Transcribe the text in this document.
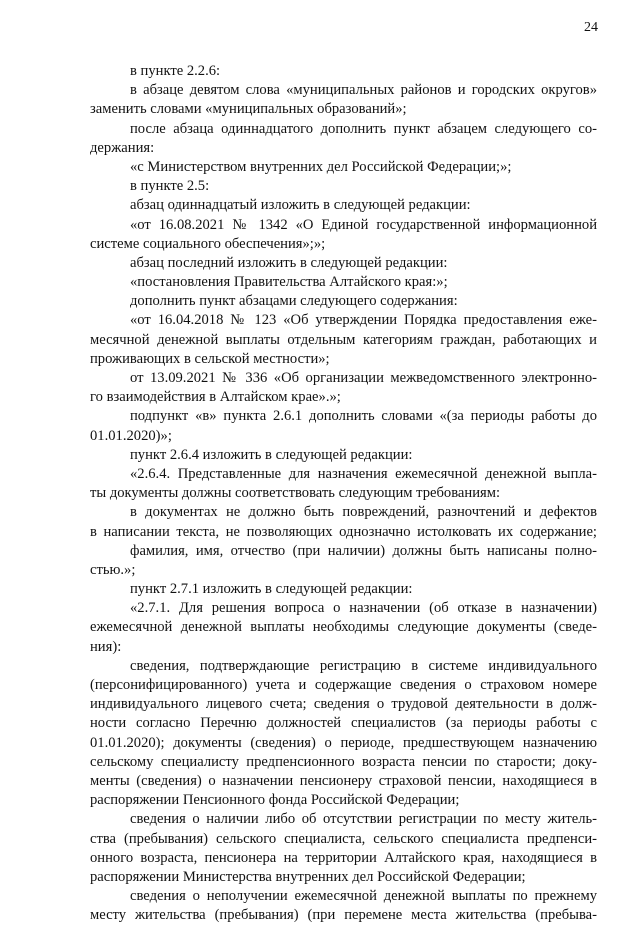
24
в пункте 2.2.6:
в абзаце девятом слова «муниципальных районов и городских округов»
заменить словами «муниципальных образований»;
после абзаца одиннадцатого дополнить пункт абзацем следующего со-
держания:
«с Министерством внутренних дел Российской Федерации;»;
в пункте 2.5:
абзац одиннадцатый изложить в следующей редакции:
«от 16.08.2021 № 1342 «О Единой государственной информационной
системе социального обеспечения»;»;
абзац последний изложить в следующей редакции:
«постановления Правительства Алтайского края:»;
дополнить пункт абзацами следующего содержания:
«от 16.04.2018 № 123 «Об утверждении Порядка предоставления еже-
месячной денежной выплаты отдельным категориям граждан, работающих и
проживающих в сельской местности»;
от 13.09.2021 № 336 «Об организации межведомственного электронно-
го взаимодействия в Алтайском крае».»;
подпункт «в» пункта 2.6.1 дополнить словами «(за периоды работы до
01.01.2020)»;
пункт 2.6.4 изложить в следующей редакции:
«2.6.4. Представленные для назначения ежемесячной денежной выпла-
ты документы должны соответствовать следующим требованиям:
в документах не должно быть повреждений, разночтений и дефектов
в написании текста, не позволяющих однозначно истолковать их содержание;
фамилия, имя, отчество (при наличии) должны быть написаны полно-
стью.»;
пункт 2.7.1 изложить в следующей редакции:
«2.7.1. Для решения вопроса о назначении (об отказе в назначении)
ежемесячной денежной выплаты необходимы следующие документы (сведе-
ния):
сведения, подтверждающие регистрацию в системе индивидуального
(персонифицированного) учета и содержащие сведения о страховом номере
индивидуального лицевого счета; сведения о трудовой деятельности в долж-
ности согласно Перечню должностей специалистов (за периоды работы с
01.01.2020); документы (сведения) о периоде, предшествующем назначению
сельскому специалисту предпенсионного возраста пенсии по старости; доку-
менты (сведения) о назначении пенсионеру страховой пенсии, находящиеся в
распоряжении Пенсионного фонда Российской Федерации;
сведения о наличии либо об отсутствии регистрации по месту житель-
ства (пребывания) сельского специалиста, сельского специалиста предпенси-
онного возраста, пенсионера на территории Алтайского края, находящиеся в
распоряжении Министерства внутренних дел Российской Федерации;
сведения о неполучении ежемесячной денежной выплаты по прежнему
месту жительства (пребывания) (при перемене места жительства (пребыва-
